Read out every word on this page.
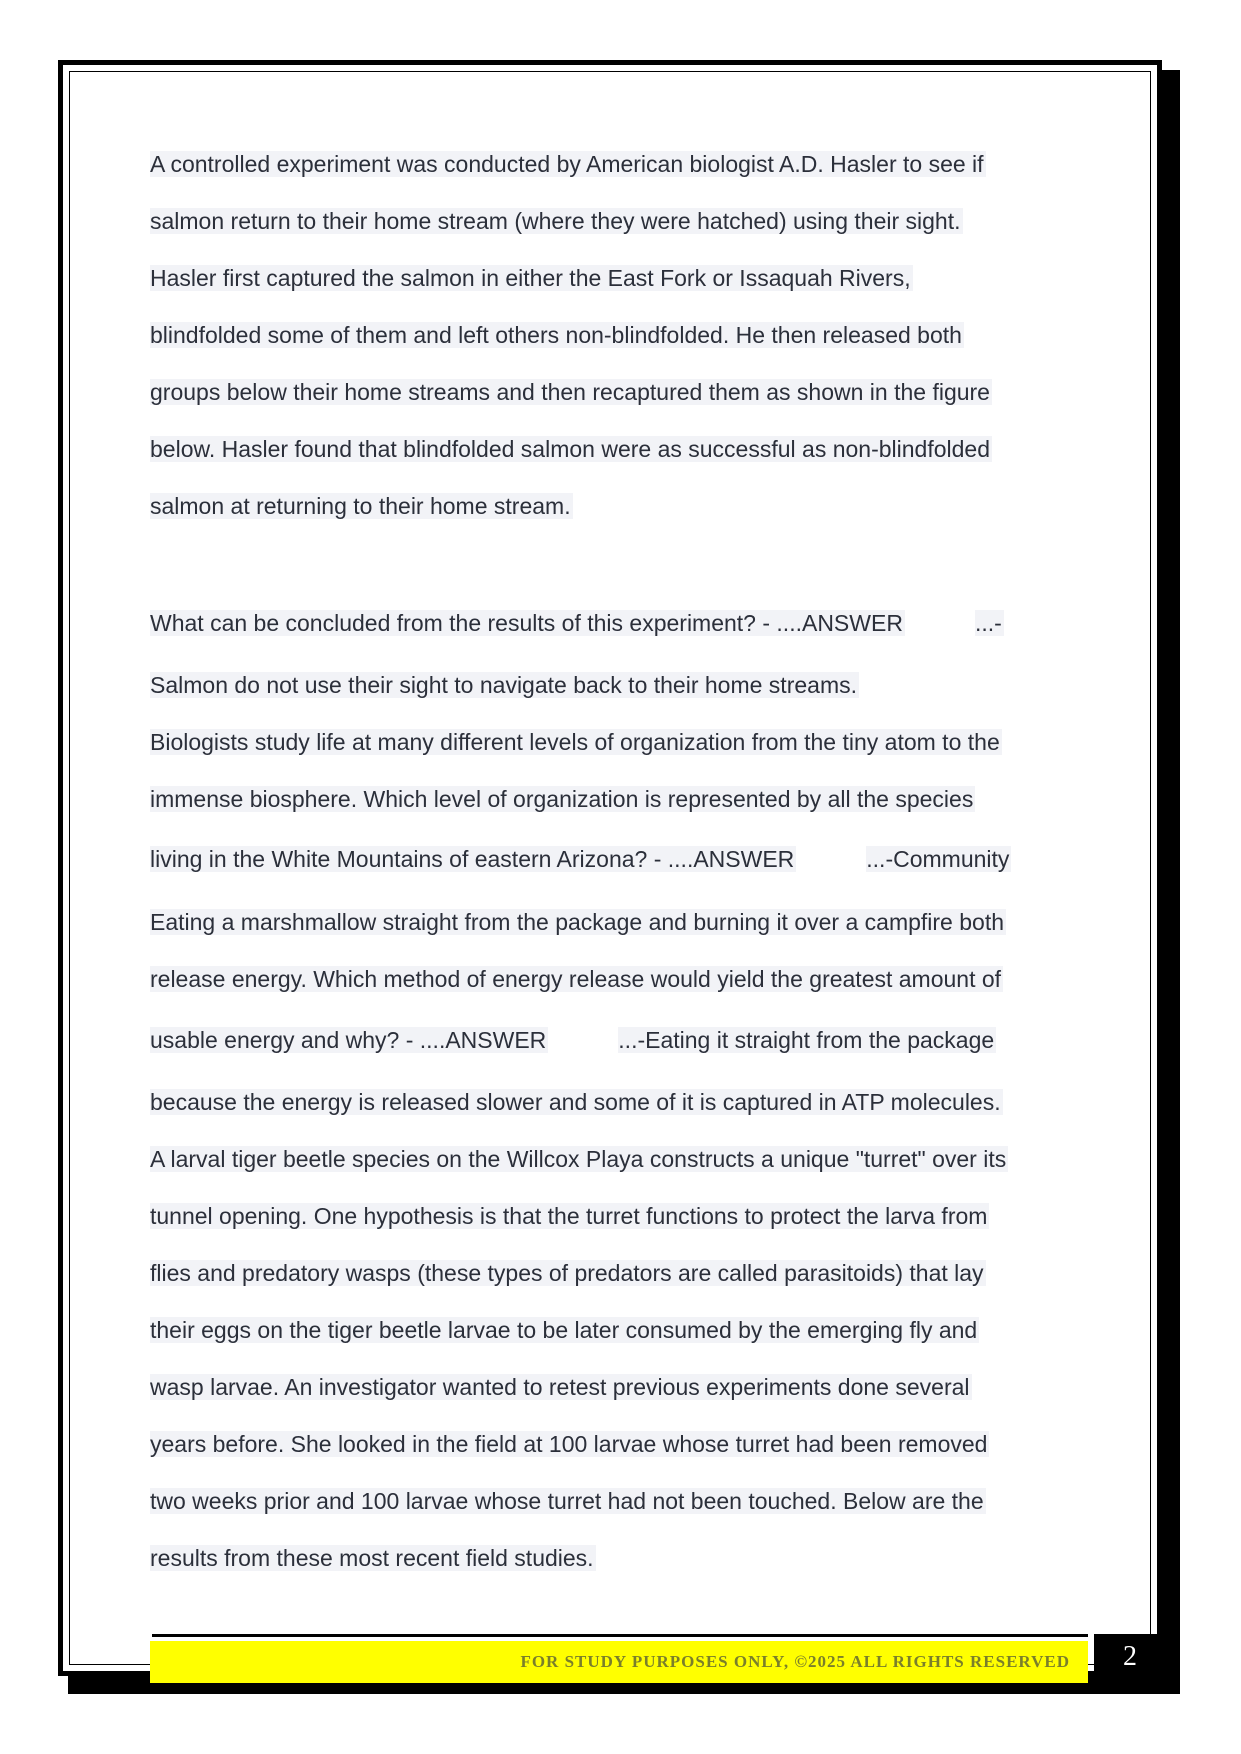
A controlled experiment was conducted by American biologist A.D. Hasler to see if
salmon return to their home stream (where they were hatched) using their sight.
Hasler first captured the salmon in either the East Fork or Issaquah Rivers,
blindfolded some of them and left others non-blindfolded. He then released both
groups below their home streams and then recaptured them as shown in the figure
below. Hasler found that blindfolded salmon were as successful as non-blindfolded
salmon at returning to their home stream.
What can be concluded from the results of this experiment? - ....ANSWER	...-
Salmon do not use their sight to navigate back to their home streams.
Biologists study life at many different levels of organization from the tiny atom to the
immense biosphere. Which level of organization is represented by all the species
living in the White Mountains of eastern Arizona? - ....ANSWER	...-Community
Eating a marshmallow straight from the package and burning it over a campfire both
release energy. Which method of energy release would yield the greatest amount of
usable energy and why? - ....ANSWER	...-Eating it straight from the package
because the energy is released slower and some of it is captured in ATP molecules.
A larval tiger beetle species on the Willcox Playa constructs a unique "turret" over its
tunnel opening. One hypothesis is that the turret functions to protect the larva from
flies and predatory wasps (these types of predators are called parasitoids) that lay
their eggs on the tiger beetle larvae to be later consumed by the emerging fly and
wasp larvae. An investigator wanted to retest previous experiments done several
years before. She looked in the field at 100 larvae whose turret had been removed
two weeks prior and 100 larvae whose turret had not been touched. Below are the
results from these most recent field studies.
FOR STUDY PURPOSES ONLY, ©2025 ALL RIGHTS RESERVED	2
